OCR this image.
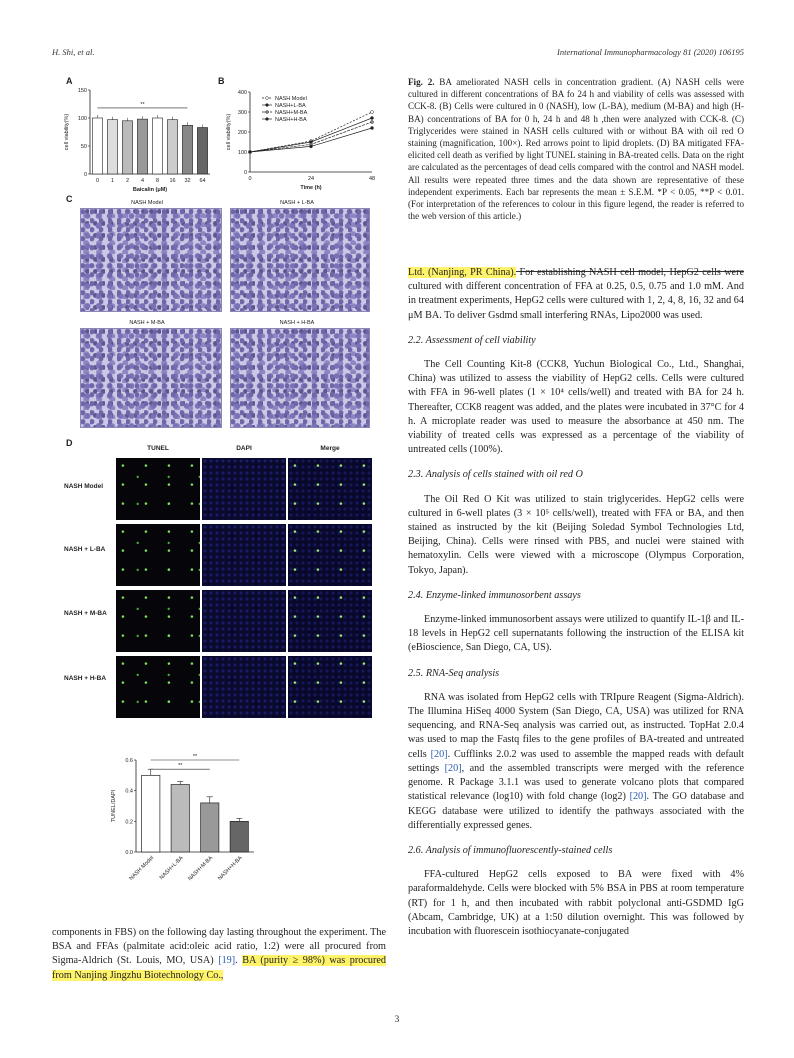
H. Shi, et al.	International Immunopharmacology 81 (2020) 106195
A
0
50
100
150
0 1 2 4 8 16 32 64
**
Baicalin (μM)
cell viability(%)
B
0
100
200
300
400
0	24	48
NASH Model
NASH+L-BA
NASH+M-BA
NASH+H-BA
Time (h)
cell viability(%)
C	NASH Model	NASH + L-BA
NASH + M-BA	NASH + H-BA
D
TUNEL	DAPI	Merge
NASH Model
NASH + L-BA
NASH + M-BA
NASH + H-BA
0.0
0.2
0.4
0.6
NASH Model NASH+L-BA NASH+M-BA NASH+H-BA
**
**
TUNEL/DAPI
Fig. 2. BA ameliorated NASH cells in concentration gradient. (A) NASH cells were cultured in different concentrations of BA fo 24 h and viability of cells was assessed with CCK-8. (B) Cells were cultured in 0 (NASH), low (L-BA), medium (M-BA) and high (H-BA) concentrations of BA for 0 h, 24 h and 48 h ,then were analyzed with CCK-8. (C) Triglycerides were stained in NASH cells cultured with or without BA with oil red O staining (magnification, 100×). Red arrows point to lipid droplets. (D) BA mitigated FFA-elicited cell death as verified by light TUNEL staining in BA-treated cells. Data on the right are calculated as the percentages of dead cells compared with the control and NASH model. All results were repeated three times and the data shown are representative of these independent experiments. Each bar represents the mean ± S.E.M. *P < 0.05, **P < 0.01. (For interpretation of the references to colour in this figure legend, the reader is referred to the web version of this article.)

Ltd. (Nanjing, PR China). For establishing NASH cell model, HepG2 cells were cultured with different concentration of FFA at 0.25, 0.5, 0.75 and 1.0 mM. And in treatment experiments, HepG2 cells were cultured with 1, 2, 4, 8, 16, 32 and 64 μM BA. To deliver Gsdmd small interfering RNAs, Lipo2000 was used.

2.2. Assessment of cell viability

The Cell Counting Kit-8 (CCK8, Yuchun Biological Co., Ltd., Shanghai, China) was utilized to assess the viability of HepG2 cells. Cells were cultured with FFA in 96-well plates (1 × 10⁴ cells/well) and treated with BA for 24 h. Thereafter, CCK8 reagent was added, and the plates were incubated in 37°C for 4 h. A microplate reader was used to measure the absorbance at 450 nm. The viability of treated cells was expressed as a percentage of the viability of untreated cells (100%).

2.3. Analysis of cells stained with oil red O

The Oil Red O Kit was utilized to stain triglycerides. HepG2 cells were cultured in 6-well plates (3 × 10⁵ cells/well), treated with FFA or BA, and then stained as instructed by the kit (Beijing Soledad Symbol Technologies Ltd, Beijing, China). Cells were rinsed with PBS, and nuclei were stained with hematoxylin. Cells were viewed with a microscope (Olympus Corporation, Tokyo, Japan).

2.4. Enzyme-linked immunosorbent assays

Enzyme-linked immunosorbent assays were utilized to quantify IL-1β and IL-18 levels in HepG2 cell supernatants following the instruction of the ELISA kit (eBioscience, San Diego, CA, US).

2.5. RNA-Seq analysis

RNA was isolated from HepG2 cells with TRIpure Reagent (Sigma-Aldrich). The Illumina HiSeq 4000 System (San Diego, CA, USA) was utilized for RNA sequencing, and RNA-Seq analysis was carried out, as instructed. TopHat 2.0.4 was used to map the Fastq files to the gene profiles of BA-treated and untreated cells [20]. Cufflinks 2.0.2 was used to assemble the mapped reads with default settings [20], and the assembled transcripts were merged with the reference genome. R Package 3.1.1 was used to generate volcano plots that compared statistical relevance (log10) with fold change (log2) [20]. The GO database and KEGG database were utilized to identify the pathways associated with the differentially expressed genes.

2.6. Analysis of immunofluorescently-stained cells

FFA-cultured HepG2 cells exposed to BA were fixed with 4% paraformaldehyde. Cells were blocked with 5% BSA in PBS at room temperature (RT) for 1 h, and then incubated with rabbit polyclonal anti-GSDMD IgG (Abcam, Cambridge, UK) at a 1:50 dilution overnight. This was followed by incubation with fluorescein isothiocyanate-conjugated

components in FBS) on the following day lasting throughout the experiment. The BSA and FFAs (palmitate acid:oleic acid ratio, 1:2) were all procured from Sigma-Aldrich (St. Louis, MO, USA) [19]. BA (purity ≥ 98%) was procured from Nanjing Jingzhu Biotechnology Co.,

3
